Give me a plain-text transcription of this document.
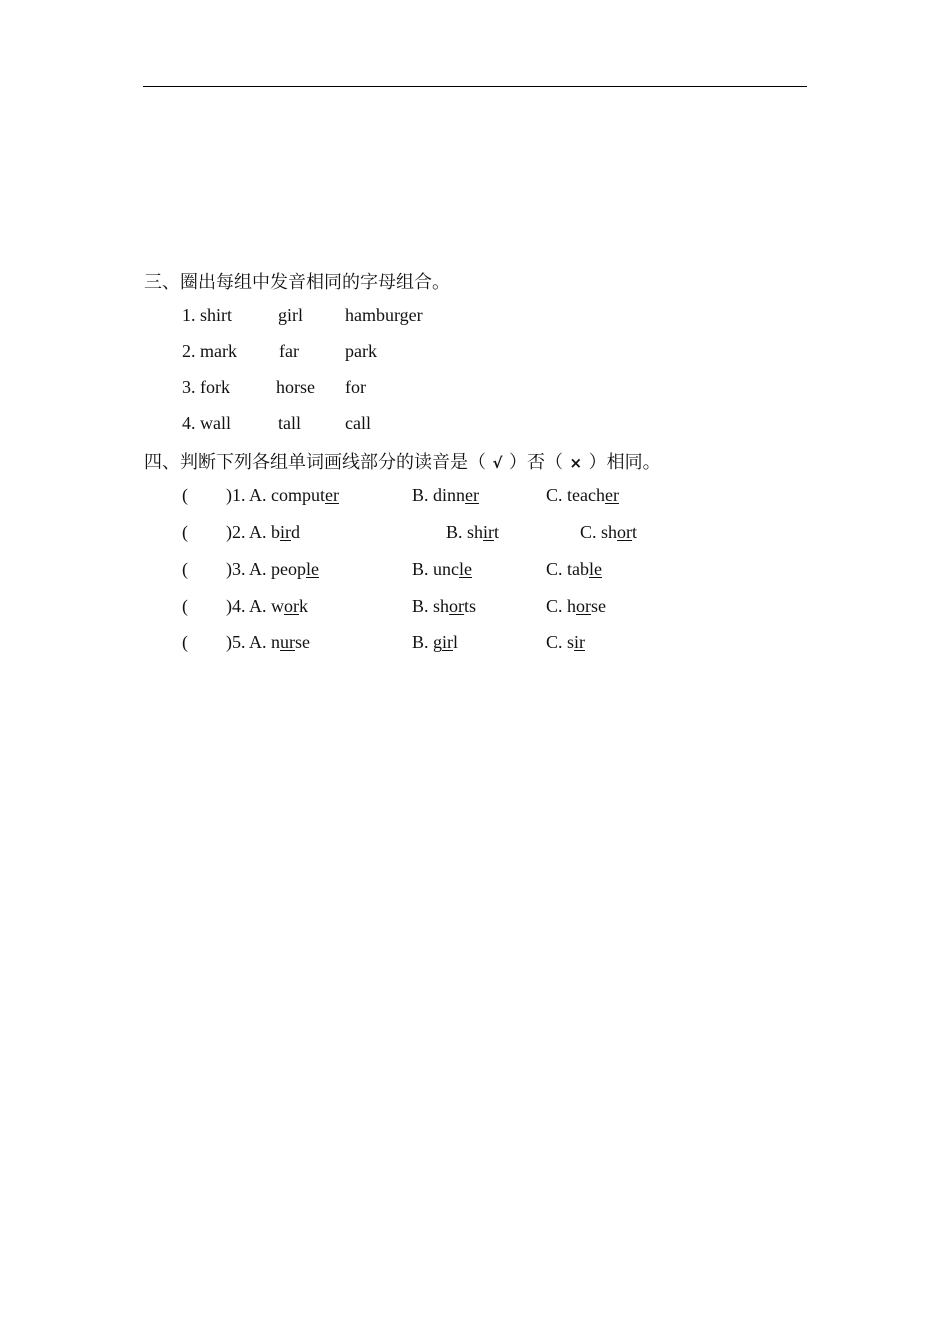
三、圈出每组中发音相同的字母组合。
1. shirt	girl hamburger
2. mark far	park
3. fork	horse for
4. wall	tall call
四、判断下列各组单词画线部分的读音是（ √ ）否（ × ）相同。
( )1. A. computer	B. dinner	C. teacher
( )2. A. bird	B. shirt	C. short
( )3. A. people	B. uncle	C. table
( )4. A. work	B. shorts	C. horse
( )5. A. nurse	B. girl	C. sir
